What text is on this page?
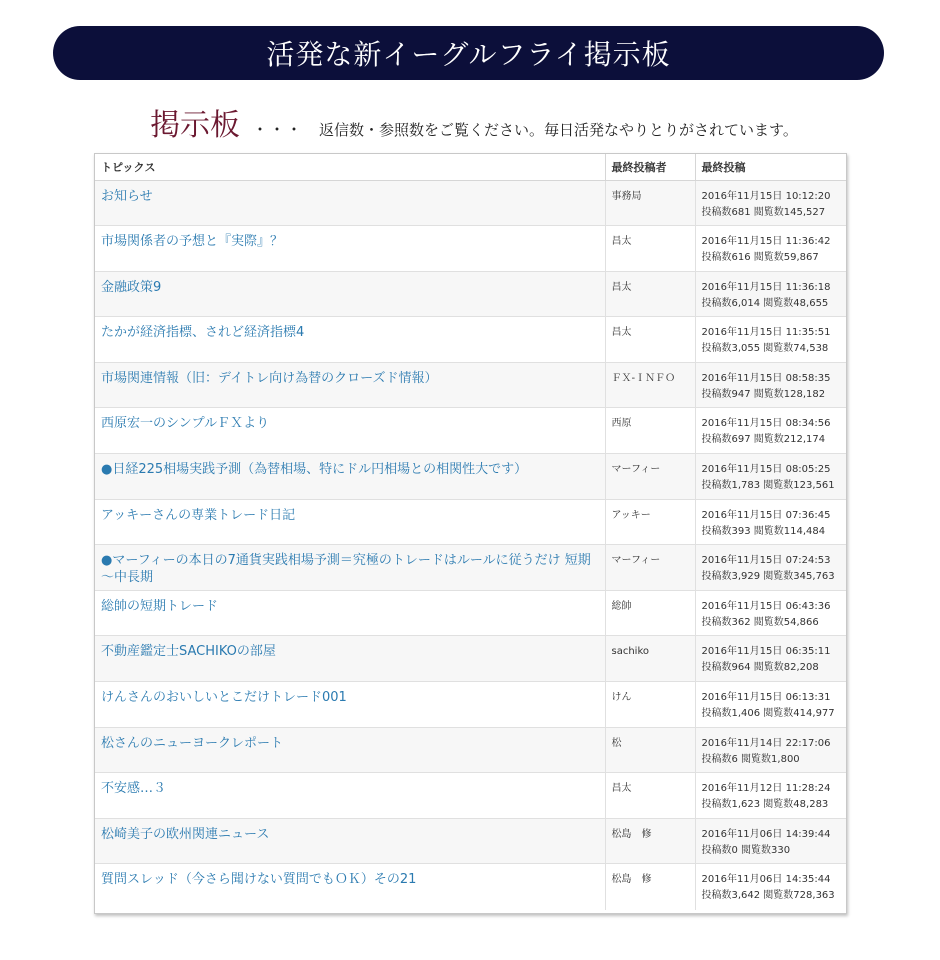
活発な新イーグルフライ掲示板
掲示板 ・・・ 返信数・参照数をご覧ください。毎日活発なやりとりがされています。
トピックス	最終投稿者	最終投稿

お知らせ	事務局	2016年11月15日 10:12:20
投稿数681 閲覧数145,527

市場関係者の予想と『実際』？	昌太	2016年11月15日 11:36:42
投稿数616 閲覧数59,867

金融政策9	昌太	2016年11月15日 11:36:18
投稿数6,014 閲覧数48,655

たかが経済指標、されど経済指標4	昌太	2016年11月15日 11:35:51
投稿数3,055 閲覧数74,538

市場関連情報（旧：デイトレ向け為替のクローズド情報）	ＦＸ-ＩＮＦＯ	2016年11月15日 08:58:35
投稿数947 閲覧数128,182

西原宏一のシンプルＦＸより	西原	2016年11月15日 08:34:56
投稿数697 閲覧数212,174

●日経225相場実践予測（為替相場、特にドル円相場との相関性大です）	マーフィー	2016年11月15日 08:05:25
投稿数1,783 閲覧数123,561

アッキーさんの専業トレード日記	アッキー	2016年11月15日 07:36:45
投稿数393 閲覧数114,484

●マーフィーの本日の7通貨実践相場予測＝究極のトレードはルールに従うだけ 短期～中長期	マーフィー	2016年11月15日 07:24:53
投稿数3,929 閲覧数345,763

総帥の短期トレード	総帥	2016年11月15日 06:43:36
投稿数362 閲覧数54,866

不動産鑑定士SACHIKOの部屋	sachiko	2016年11月15日 06:35:11
投稿数964 閲覧数82,208

けんさんのおいしいとこだけトレード001	けん	2016年11月15日 06:13:31
投稿数1,406 閲覧数414,977

松さんのニューヨークレポート	松	2016年11月14日 22:17:06
投稿数6 閲覧数1,800

不安感…３	昌太	2016年11月12日 11:28:24
投稿数1,623 閲覧数48,283

松崎美子の欧州関連ニュース	松島　修	2016年11月06日 14:39:44
投稿数0 閲覧数330

質問スレッド（今さら聞けない質問でもＯＫ）その21	松島　修	2016年11月06日 14:35:44
投稿数3,642 閲覧数728,363
